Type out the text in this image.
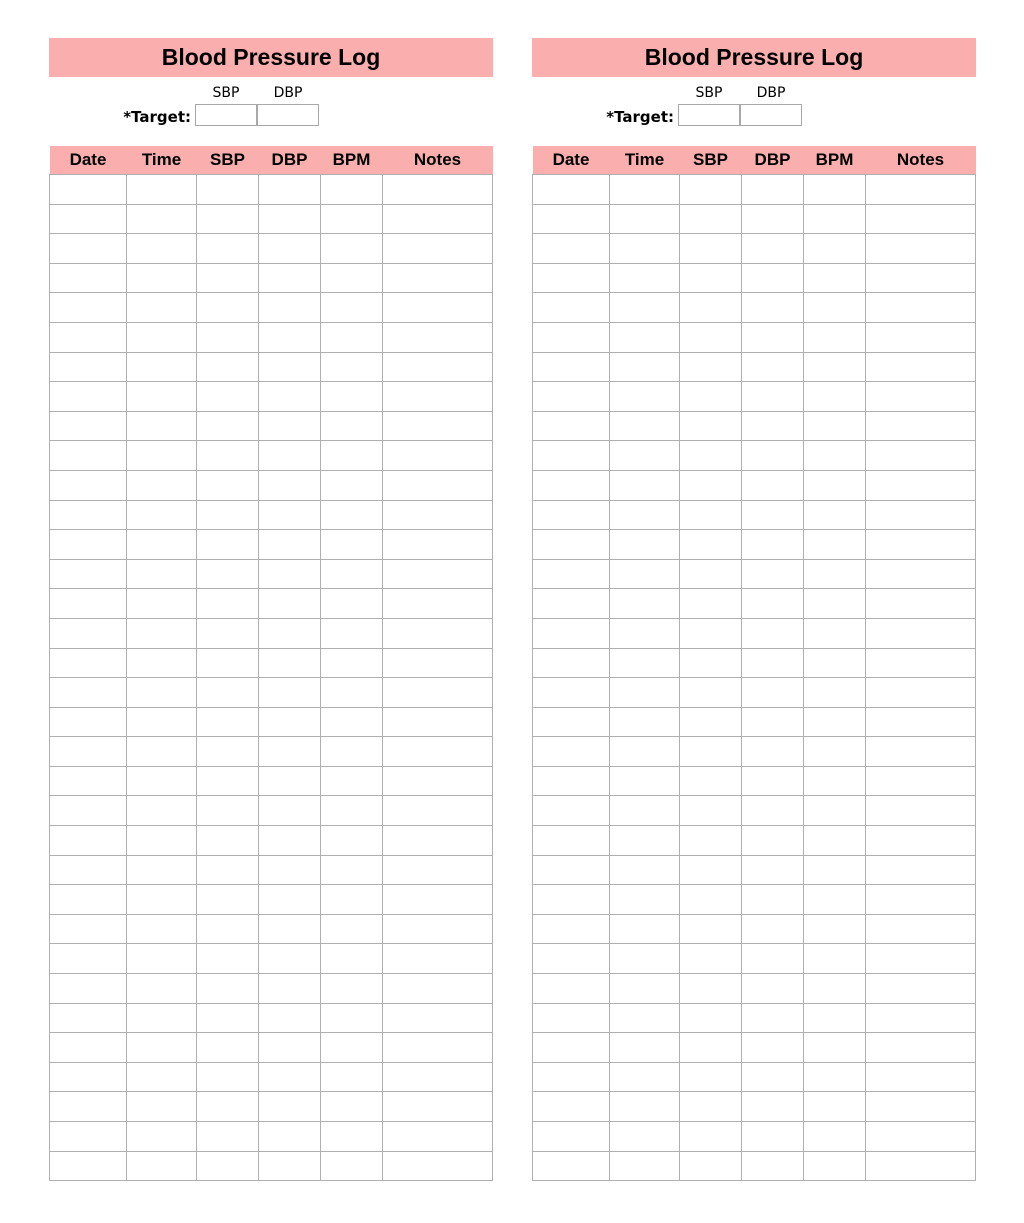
Blood Pressure Log
SBP	DBP
*Target:
Date	Time	SBP	DBP	BPM	Notes

Blood Pressure Log
SBP	DBP
*Target:
Date	Time	SBP	DBP	BPM	Notes
